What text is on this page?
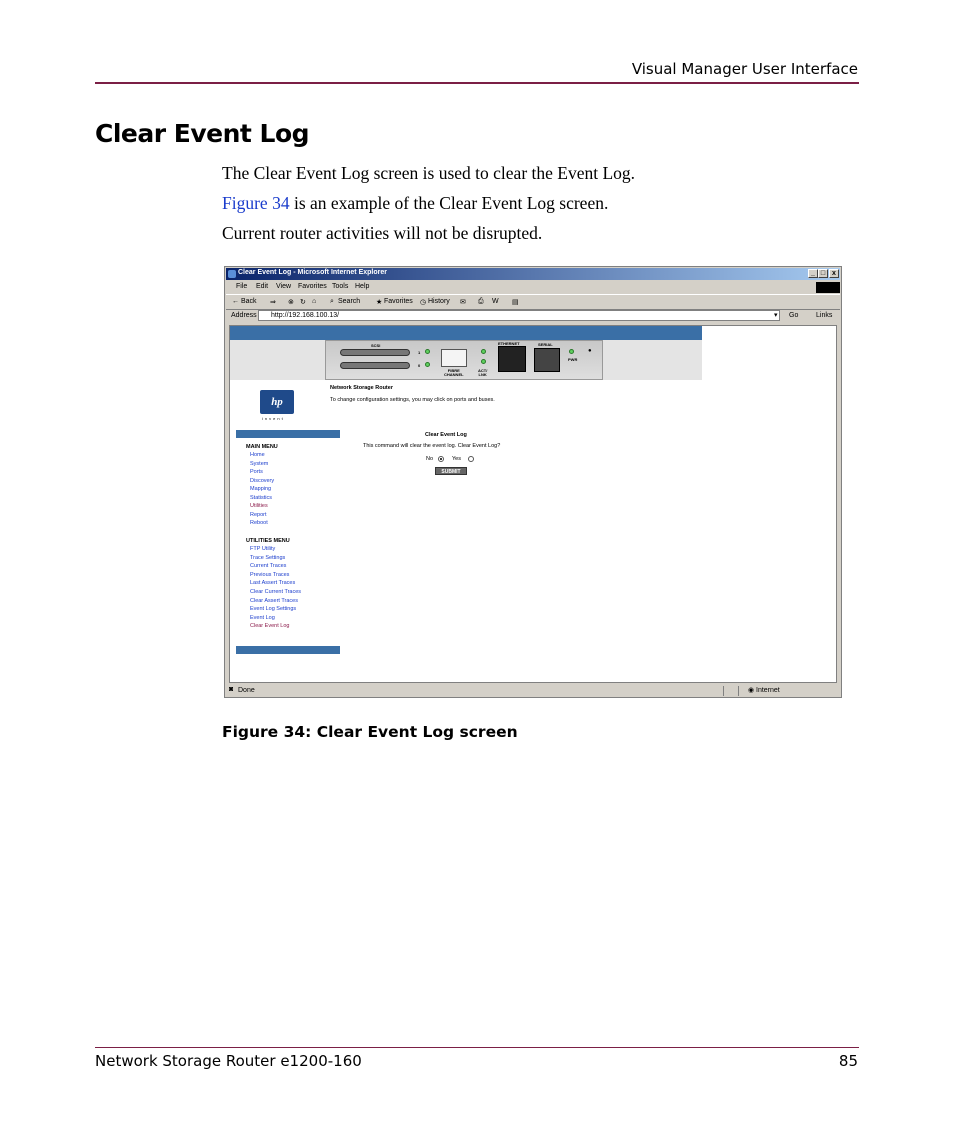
Visual Manager User Interface
Clear Event Log
The Clear Event Log screen is used to clear the Event Log.
Figure 34 is an example of the Clear Event Log screen.
Current router activities will not be disrupted.
Clear Event Log - Microsoft Internet Explorer	_ □ x
File Edit View Favorites Tools Help
← Back ⇒ ⊗ ↻ ⌂ ⌕ Search ★ Favorites ◷ History ✉ ⎙ W ▤
Address	http://192.168.100.13/	▾ Go	Links
SCSI
1
0
FIBRE
CHANNEL
ACT/
LNK
ETHERNET	SERIAL
PWR
●
hp
invent
MAIN MENU
Home
System
Ports
Discovery
Mapping
Statistics
Utilities
Report
Reboot
UTILITIES MENU
FTP Utility
Trace Settings
Current Traces
Previous Traces
Last Assert Traces
Clear Current Traces
Clear Assert Traces
Event Log Settings
Event Log
Clear Event Log
Network Storage Router
To change configuration settings, you may click on ports and buses.
Clear Event Log
This command will clear the event log. Clear Event Log?
No	Yes
SUBMIT
◙ Done	◉ Internet
Figure 34: Clear Event Log screen
Network Storage Router e1200-160	85
